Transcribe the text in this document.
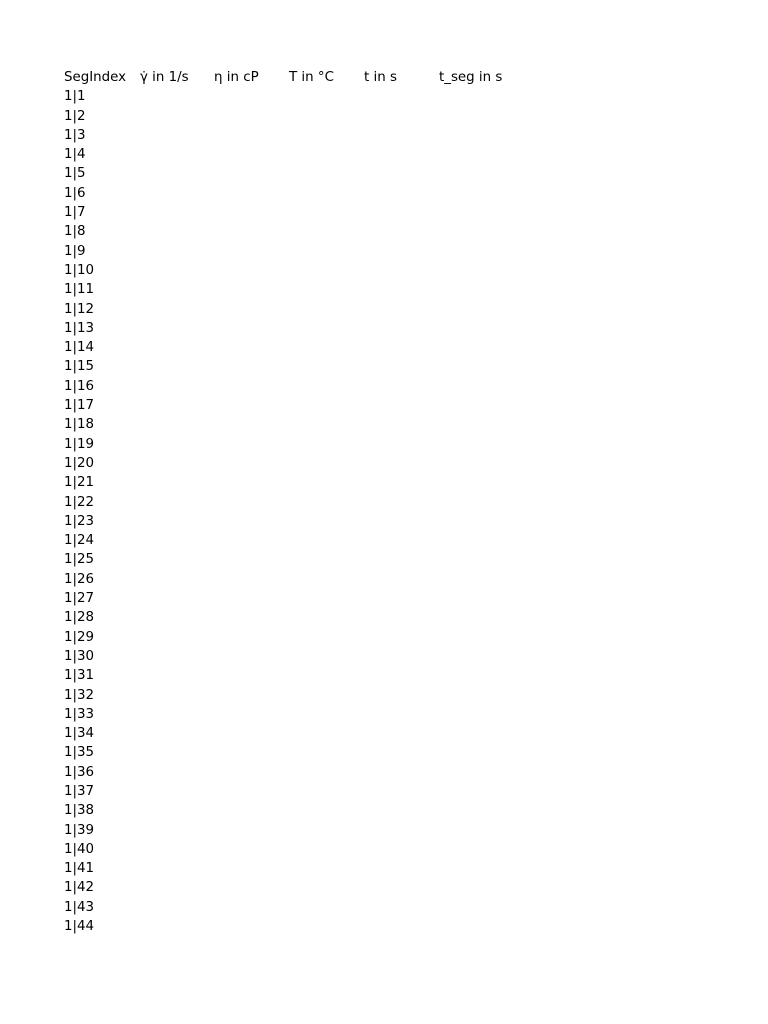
SegIndex γ̇ in 1/s η in cP T in °C t in s	t_seg in s
1|1
1|2
1|3
1|4
1|5
1|6
1|7
1|8
1|9
1|10
1|11
1|12
1|13
1|14
1|15
1|16
1|17
1|18
1|19
1|20
1|21
1|22
1|23
1|24
1|25
1|26
1|27
1|28
1|29
1|30
1|31
1|32
1|33
1|34
1|35
1|36
1|37
1|38
1|39
1|40
1|41
1|42
1|43
1|44
